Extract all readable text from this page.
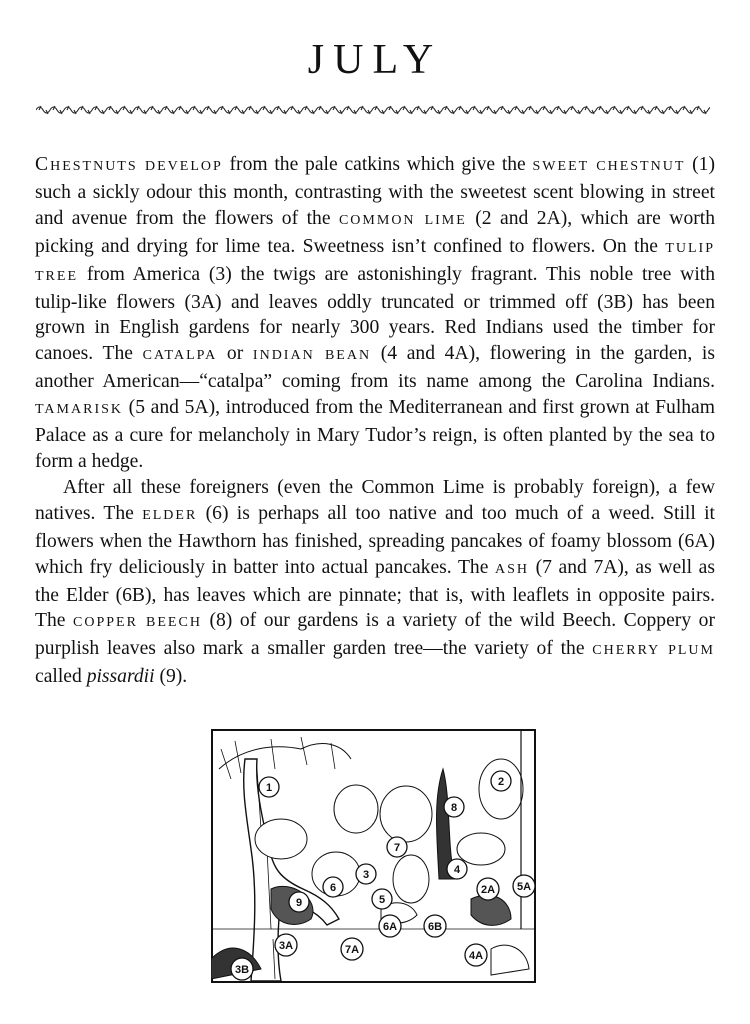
JULY

CHESTNUTS DEVELOP from the pale catkins which give the SWEET CHESTNUT (1) such a sickly odour this month, contrasting with the sweetest scent blowing in street and avenue from the flowers of the COMMON LIME (2 and 2A), which are worth picking and drying for lime tea. Sweetness isn’t confined to flowers. On the TULIP TREE from America (3) the twigs are astonishingly fragrant. This noble tree with tulip-like flowers (3A) and leaves oddly truncated or trimmed off (3B) has been grown in English gardens for nearly 300 years. Red Indians used the timber for canoes. The CATALPA or INDIAN BEAN (4 and 4A), flowering in the garden, is another American—“catalpa” coming from its name among the Carolina Indians. TAMARISK (5 and 5A), introduced from the Mediterranean and first grown at Fulham Palace as a cure for melancholy in Mary Tudor’s reign, is often planted by the sea to form a hedge.

After all these foreigners (even the Common Lime is probably foreign), a few natives. The ELDER (6) is perhaps all too native and too much of a weed. Still it flowers when the Hawthorn has finished, spreading pancakes of foamy blossom (6A) which fry deliciously in batter into actual pancakes. The ASH (7 and 7A), as well as the Elder (6B), has leaves which are pinnate; that is, with leaflets in opposite pairs. The COPPER BEECH (8) of our gardens is a variety of the wild Beech. Coppery or purplish leaves also mark a smaller garden tree—the variety of the CHERRY PLUM called pissardii (9).

1	2
3	4
5
6
7
8
9
2A
3A
3B
4A
5A
6A	6B
7A
